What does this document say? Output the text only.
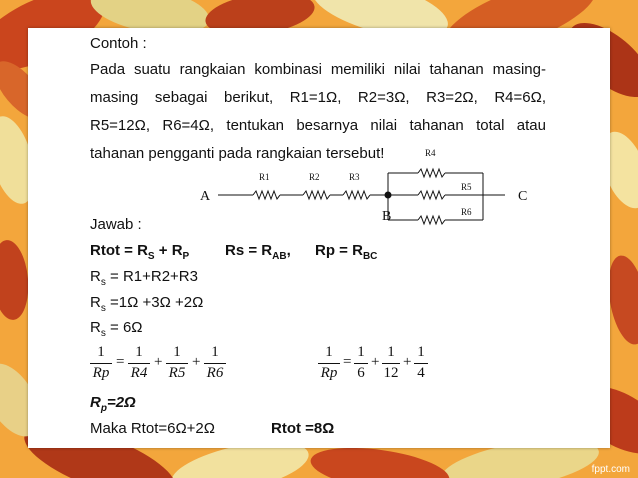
Contoh :
Pada suatu rangkaian kombinasi memiliki nilai tahanan masing-
masing sebagai berikut, R1=1Ω, R2=3Ω, R3=2Ω, R4=6Ω,
R5=12Ω, R6=4Ω, tentukan besarnya nilai tahanan total atau
tahanan pengganti pada rangkaian tersebut!
A
B
C
R1	R2	R3
R4
R5
R6
Jawab :
Rtot = $R_S + R_P$ $Rs = R_{AB}$, $Rp = R_{BC}$
$R_s = R1+R2+R3$
$R_s =1\Omega +3\Omega +2\Omega$
$R_s = 6\Omega$
1
Rp
=
1
R4
+
1
R5
+
1
R6
1
Rp
=
1
6
+
1
12
+
1
4
$R_p=2\Omega$
Maka Rtot=6Ω+2Ω	Rtot =8Ω
fppt.com
